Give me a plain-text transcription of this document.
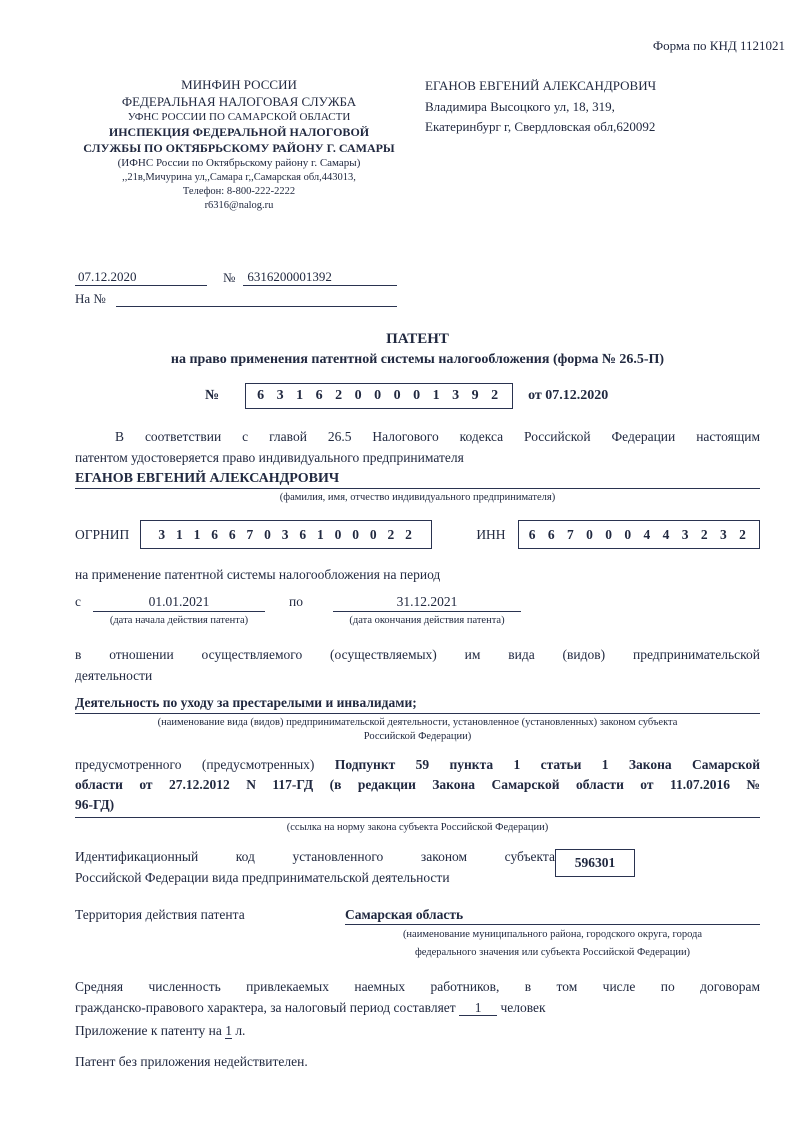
Форма по КНД 1121021
МИНФИН РОССИИ
ФЕДЕРАЛЬНАЯ НАЛОГОВАЯ СЛУЖБА
УФНС РОССИИ ПО САМАРСКОЙ ОБЛАСТИ
ИНСПЕКЦИЯ ФЕДЕРАЛЬНОЙ НАЛОГОВОЙ
СЛУЖБЫ ПО ОКТЯБРЬСКОМУ РАЙОНУ Г. САМАРЫ
(ИФНС России по Октябрьскому району г. Самары)
,,21в,Мичурина ул,,Самара г,,Самарская обл,443013,
Телефон: 8-800-222-2222
r6316@nalog.ru
ЕГАНОВ ЕВГЕНИЙ АЛЕКСАНДРОВИЧ
Владимира Высоцкого ул, 18, 319,
Екатеринбург г, Свердловская обл,620092
07.12.2020	№ 6316200001392
На №
ПАТЕНТ
на право применения патентной системы налогообложения (форма № 26.5-П)
№	6 3 1 6 2 0 0 0 0 1 3 9 2	от 07.12.2020
В соответствии с главой 26.5 Налогового кодекса Российской Федерации настоящим
патентом удостоверяется право индивидуального предпринимателя
ЕГАНОВ ЕВГЕНИЙ АЛЕКСАНДРОВИЧ
(фамилия, имя, отчество индивидуального предпринимателя)
ОГРНИП	3 1 1 6 6 7 0 3 6 1 0 0 0 2 2	ИНН	6 6 7 0 0 0 4 4 3 2 3 2
на применение патентной системы налогообложения на период
с	01.01.2021
(дата начала действия патента)
по	31.12.2021
(дата окончания действия патента)
в отношении осуществляемого (осуществляемых) им вида (видов) предпринимательской
деятельности
Деятельность по уходу за престарелыми и инвалидами;
(наименование вида (видов) предпринимательской деятельности, установленное (установленных) законом субъекта
Российской Федерации)
предусмотренного (предусмотренных) Подпункт 59 пункта 1 статьи 1 Закона Самарской
области от 27.12.2012 N 117-ГД (в редакции Закона Самарской области от 11.07.2016 №
96-ГД)
(ссылка на норму закона субъекта Российской Федерации)
Идентификационный код установленного законом субъекта
Российской Федерации вида предпринимательской деятельности
596301
Территория действия патента	Самарская область
(наименование муниципального района, городского округа, города
федерального значения или субъекта Российской Федерации)
Средняя численность привлекаемых наемных работников, в том числе по договорам
гражданско-правового характера, за налоговый период составляет 1 человек
Приложение к патенту на 1 л.
Патент без приложения недействителен.
